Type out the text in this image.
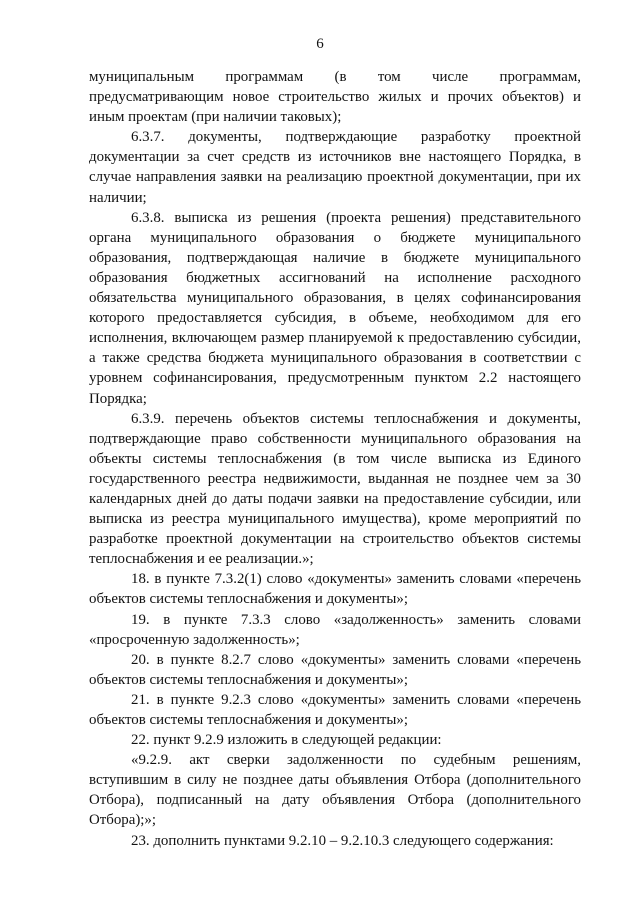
6

муниципальным программам (в том числе программам, предусматривающим новое строительство жилых и прочих объектов) и иным проектам (при наличии таковых);

6.3.7. документы, подтверждающие разработку проектной документации за счет средств из источников вне настоящего Порядка, в случае направления заявки на реализацию проектной документации, при их наличии;

6.3.8. выписка из решения (проекта решения) представительного органа муниципального образования о бюджете муниципального образования, подтверждающая наличие в бюджете муниципального образования бюджетных ассигнований на исполнение расходного обязательства муниципального образования, в целях софинансирования которого предоставляется субсидия, в объеме, необходимом для его исполнения, включающем размер планируемой к предоставлению субсидии, а также средства бюджета муниципального образования в соответствии с уровнем софинансирования, предусмотренным пунктом 2.2 настоящего Порядка;

6.3.9. перечень объектов системы теплоснабжения и документы, подтверждающие право собственности муниципального образования на объекты системы теплоснабжения (в том числе выписка из Единого государственного реестра недвижимости, выданная не позднее чем за 30 календарных дней до даты подачи заявки на предоставление субсидии, или выписка из реестра муниципального имущества), кроме мероприятий по разработке проектной документации на строительство объектов системы теплоснабжения и ее реализации.»;

18. в пункте 7.3.2(1) слово «документы» заменить словами «перечень объектов системы теплоснабжения и документы»;

19. в пункте 7.3.3 слово «задолженность» заменить словами «просроченную задолженность»;

20. в пункте 8.2.7 слово «документы» заменить словами «перечень объектов системы теплоснабжения и документы»;

21. в пункте 9.2.3 слово «документы» заменить словами «перечень объектов системы теплоснабжения и документы»;

22. пункт 9.2.9 изложить в следующей редакции:

«9.2.9. акт сверки задолженности по судебным решениям, вступившим в силу не позднее даты объявления Отбора (дополнительного Отбора), подписанный на дату объявления Отбора (дополнительного Отбора);»;

23. дополнить пунктами 9.2.10 – 9.2.10.3 следующего содержания:
